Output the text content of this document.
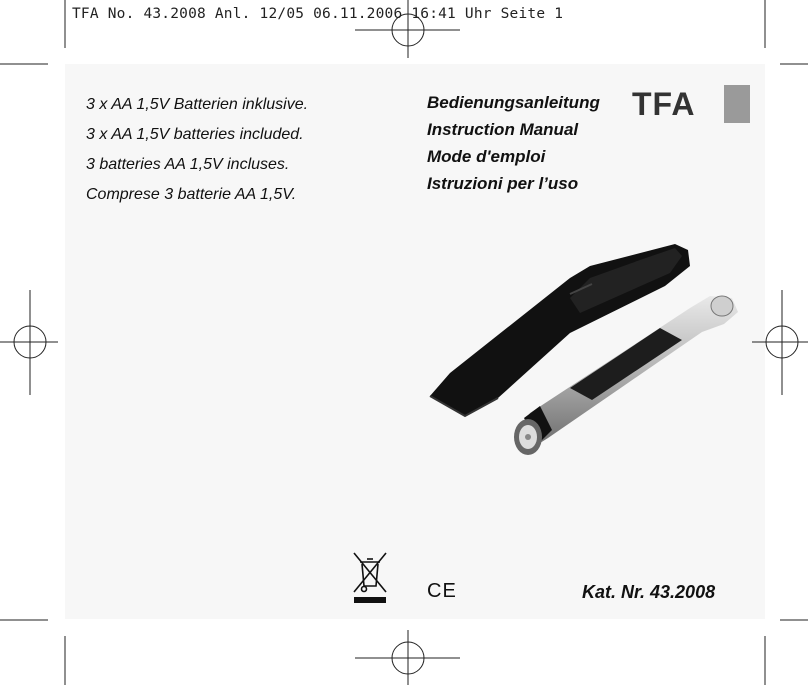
TFA No. 43.2008 Anl. 12/05 06.11.2006 16:41 Uhr Seite 1
3 x AA 1,5V Batterien inklusive.
3 x AA 1,5V batteries included.
3 batteries AA 1,5V incluses.
Comprese 3 batterie AA 1,5V.
Bedienungsanleitung
Instruction Manual
Mode d'emploi
Istruzioni per l’uso
TFA
CE	Kat. Nr. 43.2008
